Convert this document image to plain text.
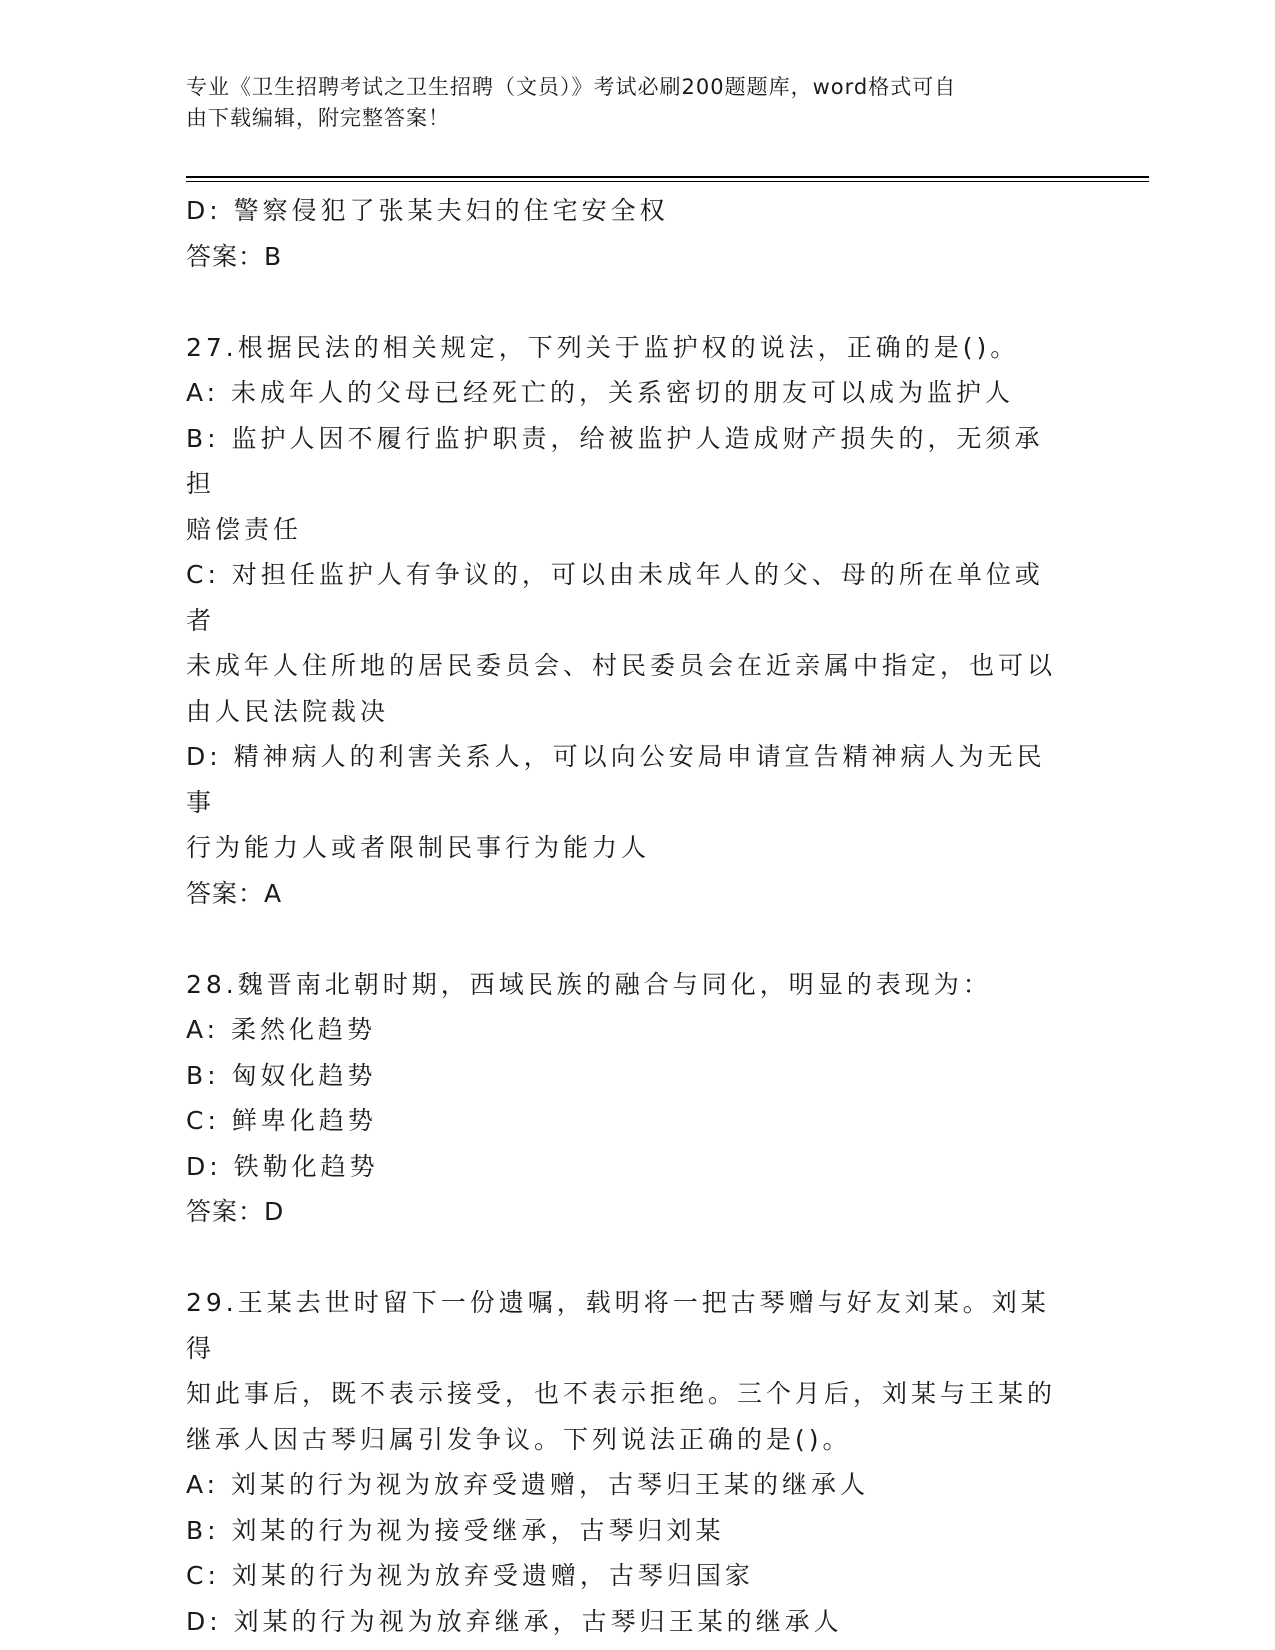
专业《卫生招聘考试之卫生招聘（文员）》考试必刷200题题库，word格式可自
由下载编辑，附完整答案！

D: 警察侵犯了张某夫妇的住宅安全权

答案：B

27.根据民法的相关规定，下列关于监护权的说法，正确的是()。

A: 未成年人的父母已经死亡的，关系密切的朋友可以成为监护人

B: 监护人因不履行监护职责，给被监护人造成财产损失的，无须承担

赔偿责任

C: 对担任监护人有争议的，可以由未成年人的父、母的所在单位或者

未成年人住所地的居民委员会、村民委员会在近亲属中指定，也可以

由人民法院裁决

D: 精神病人的利害关系人，可以向公安局申请宣告精神病人为无民事

行为能力人或者限制民事行为能力人

答案：A

28.魏晋南北朝时期，西域民族的融合与同化，明显的表现为：

A: 柔然化趋势

B: 匈奴化趋势

C: 鲜卑化趋势

D: 铁勒化趋势

答案：D

29.王某去世时留下一份遗嘱，载明将一把古琴赠与好友刘某。刘某得

知此事后，既不表示接受，也不表示拒绝。三个月后，刘某与王某的

继承人因古琴归属引发争议。下列说法正确的是()。

A: 刘某的行为视为放弃受遗赠，古琴归王某的继承人

B: 刘某的行为视为接受继承，古琴归刘某

C: 刘某的行为视为放弃受遗赠，古琴归国家

D: 刘某的行为视为放弃继承，古琴归王某的继承人
